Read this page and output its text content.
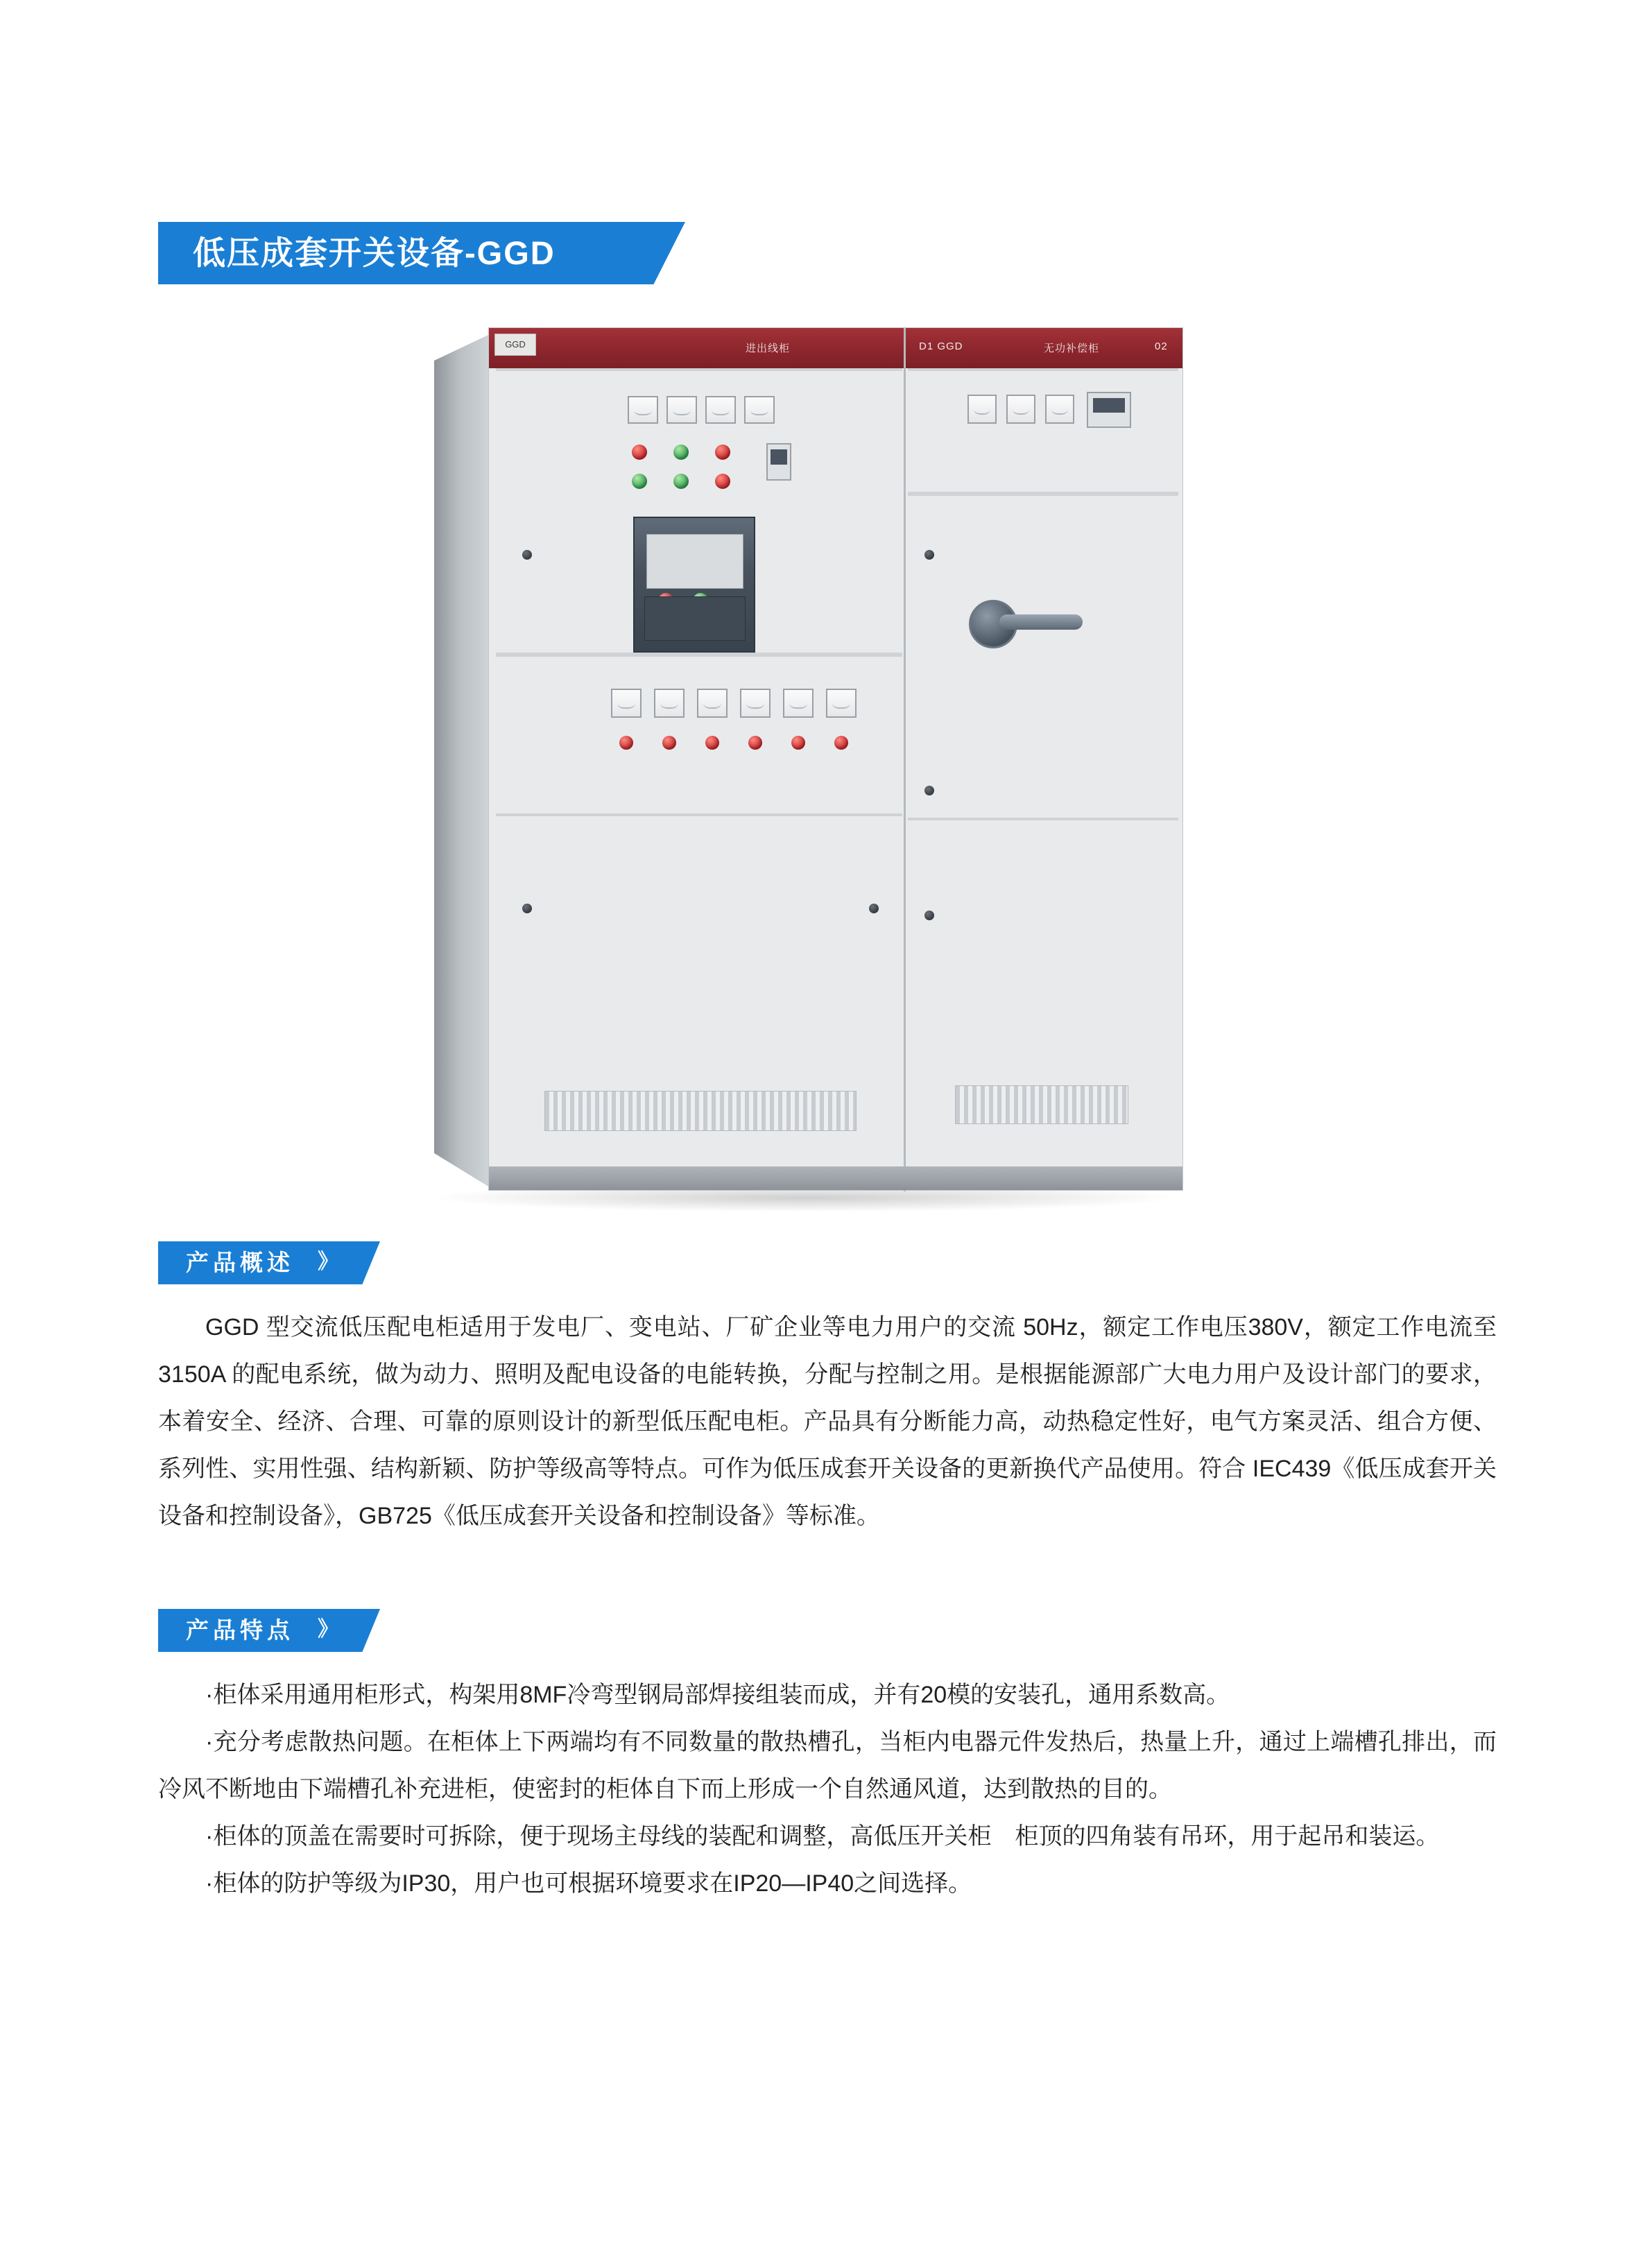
低压成套开关设备-GGD
GGD	进出线柜	D1 GGD	无功补偿柜	02
产品概述 》

GGD 型交流低压配电柜适用于发电厂、变电站、厂矿企业等电力用户的交流 50Hz，额定工作电压380V，额定工作电流至 3150A 的配电系统，做为动力、照明及配电设备的电能转换，分配与控制之用。是根据能源部广大电力用户及设计部门的要求，本着安全、经济、合理、可靠的原则设计的新型低压配电柜。产品具有分断能力高，动热稳定性好，电气方案灵活、组合方便、系列性、实用性强、结构新颖、防护等级高等特点。可作为低压成套开关设备的更新换代产品使用。符合 IEC439《低压成套开关设备和控制设备》，GB725《低压成套开关设备和控制设备》等标准。

产品特点 》

·柜体采用通用柜形式，构架用8MF冷弯型钢局部焊接组装而成，并有20模的安装孔，通用系数高。

·充分考虑散热问题。在柜体上下两端均有不同数量的散热槽孔，当柜内电器元件发热后，热量上升，通过上端槽孔排出，而冷风不断地由下端槽孔补充进柜，使密封的柜体自下而上形成一个自然通风道，达到散热的目的。

·柜体的顶盖在需要时可拆除，便于现场主母线的装配和调整，高低压开关柜　柜顶的四角装有吊环，用于起吊和装运。

·柜体的防护等级为IP30，用户也可根据环境要求在IP20—IP40之间选择。
